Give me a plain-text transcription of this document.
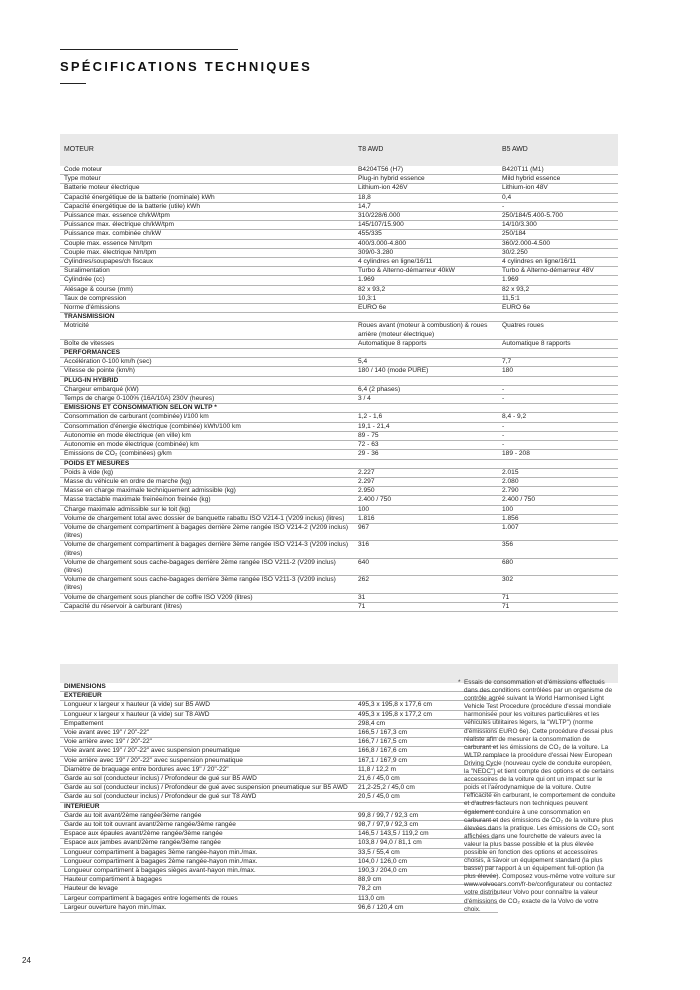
SPÉCIFICATIONS TECHNIQUES
MOTEUR	T8 AWD	B5 AWD
Code moteur	B4204T56 (H7)	B420T11 (M1)
Type moteur	Plug-in hybrid essence	Mild hybrid essence
Batterie moteur électrique	Lithium-ion 426V	Lithium-ion 48V
Capacité énergétique de la batterie (nominale) kWh	18,8	0,4
Capacité énergétique de la batterie (utile) kWh	14,7	-
Puissance max. essence ch/kW/tpm	310/228/6.000	250/184/5.400-5.700
Puissance max. électrique ch/kW/tpm	145/107/15.900	14/10/3.300
Puissance max. combinée ch/kW	455/335	250/184
Couple max. essence Nm/tpm	400/3.000-4.800	360/2.000-4.500
Couple max. électrique Nm/tpm	309/0-3.280	30/2.250
Cylindres/soupapes/ch fiscaux	4 cylindres en ligne/16/11	4 cylindres en ligne/16/11
Suralimentation	Turbo & Alterno-démarreur 40kW	Turbo & Alterno-démarreur 48V
Cylindrée (cc)	1.969	1.969
Alésage & course (mm)	82 x 93,2	82 x 93,2
Taux de compression	10,3:1	11,5:1
Norme d'émissions	EURO 6e	EURO 6e
TRANSMISSION		
Motricité	Roues avant (moteur à combustion) & roues arrière (moteur électrique)	Quatres roues
Boîte de vitesses	Automatique 8 rapports	Automatique 8 rapports
PERFORMANCES		
Accélération 0-100 km/h (sec)	5,4	7,7
Vitesse de pointe (km/h)	180 / 140 (mode PURE)	180
PLUG-IN HYBRID		
Chargeur embarqué (kW)	6,4 (2 phases)	-
Temps de charge 0-100% (16A/10A) 230V (heures)	3 / 4	-
ÉMISSIONS ET CONSOMMATION SELON WLTP *		
Consommation de carburant (combinée) l/100 km	1,2 - 1,6	8,4 - 9,2
Consommation d'énergie électrique (combinée) kWh/100 km	19,1 - 21,4	-
Autonomie en mode électrique (en ville) km	89 - 75	-
Autonomie en mode électrique (combinée) km	72 - 63	-
Émissions de CO₂ (combinées) g/km	29 - 36	189 - 208
POIDS ET MESURES		
Poids à vide (kg)	2.227	2.015
Masse du véhicule en ordre de marche (kg)	2.297	2.080
Masse en charge maximale techniquement admissible (kg)	2.950	2.790
Masse tractable maximale freinée/non freinée (kg)	2.400 / 750	2.400 / 750
Charge maximale admissible sur le toit (kg)	100	100
Volume de chargement total avec dossier de banquette rabattu ISO V214-1 (V209 inclus) (litres)	1.816	1.856
Volume de chargement compartiment à bagages derrière 2ème rangée ISO V214-2 (V209 inclus) (litres)	967	1.007
Volume de chargement compartiment à bagages derrière 3ème rangée ISO V214-3 (V209 inclus) (litres)	316	356
Volume de chargement sous cache-bagages derrière 2ème rangée ISO V211-2 (V209 inclus) (litres)	640	680
Volume de chargement sous cache-bagages derrière 3ème rangée ISO V211-3 (V209 inclus) (litres)	262	302
Volume de chargement sous plancher de coffre ISO V209 (litres)	31	71
Capacité du réservoir à carburant (litres)	71	71

DIMENSIONS		
EXTÉRIEUR		
Longueur x largeur x hauteur (à vide) sur B5 AWD	495,3 x 195,8 x 177,6 cm	
Longueur x largeur x hauteur (à vide) sur T8 AWD	495,3 x 195,8 x 177,2 cm	
Empattement	298,4 cm	
Voie avant avec 19" / 20"-22"	166,5 / 167,3 cm	
Voie arrière avec 19" / 20"-22"	166,7 / 167,5 cm	
Voie avant avec 19" / 20"-22" avec suspension pneumatique	166,8 / 167,6 cm	
Voie arrière avec 19" / 20"-22" avec suspension pneumatique	167,1 / 167,9 cm	
Diamètre de braquage entre bordures avec 19" / 20"-22"	11,8 / 12,2 m	
Garde au sol (conducteur inclus) / Profondeur de gué sur B5 AWD	21,6 / 45,0 cm	
Garde au sol (conducteur inclus) / Profondeur de gué avec suspension pneumatique sur B5 AWD	21,2-25,2 / 45,0 cm	
Garde au sol (conducteur inclus) / Profondeur de gué sur T8 AWD	20,5 / 45,0 cm	
INTÉRIEUR		
Garde au toit avant/2ème rangée/3ème rangée	99,8 / 99,7 / 92,3 cm	
Garde au toit toit ouvrant avant/2ème rangée/3ème rangée	98,7 / 97,9 / 92,3 cm	
Espace aux épaules avant/2ème rangée/3ème rangée	146,5 / 143,5 / 119,2 cm	
Espace aux jambes avant/2ème rangée/3ème rangée	103,8 / 94,0 / 81,1 cm	
Longueur compartiment à bagages 3ème rangée-hayon min./max.	33,5 / 55,4 cm	
Longueur compartiment à bagages 2ème rangée-hayon min./max.	104,0 / 126,0 cm	
Longueur compartiment à bagages sièges avant-hayon min./max.	190,3 / 204,0 cm	
Hauteur compartiment à bagages	88,9 cm	
Hauteur de levage	78,2 cm	
Largeur compartiment à bagages entre logements de roues	113,0 cm	
Largeur ouverture hayon min./max.	96,6 / 120,4 cm	
* Essais de consommation et d'émissions effectués dans des conditions contrôlées par un organisme de contrôle agréé suivant la World Harmonised Light Vehicle Test Procedure (procédure d'essai mondiale harmonisée pour les voitures particulières et les véhicules utilitaires légers, la "WLTP") (norme d'émissions EURO 6e). Cette procédure d'essai plus réaliste afin de mesurer la consommation de carburant et les émissions de CO₂ de la voiture. La WLTP remplace la procédure d'essai New European Driving Cycle (nouveau cycle de conduite européen, la "NEDC") et tient compte des options et de certains accessoires de la voiture qui ont un impact sur le poids et l'aérodynamique de la voiture. Outre l'efficacité en carburant, le comportement de conduite et d'autres facteurs non techniques peuvent également conduire à une consommation en carburant et des émissions de CO₂ de la voiture plus élevées dans la pratique. Les émissions de CO₂ sont affichées dans une fourchette de valeurs avec la valeur la plus basse possible et la plus élevée possible en fonction des options et accessoires choisis, à savoir un équipement standard (la plus basse) par rapport à un équipement full-option (la plus élevée). Composez vous-même votre voiture sur www.volvocars.com/fr-be/configurateur ou contactez votre distributeur Volvo pour connaître la valeur d'émissions de CO₂ exacte de la Volvo de votre choix.
24
